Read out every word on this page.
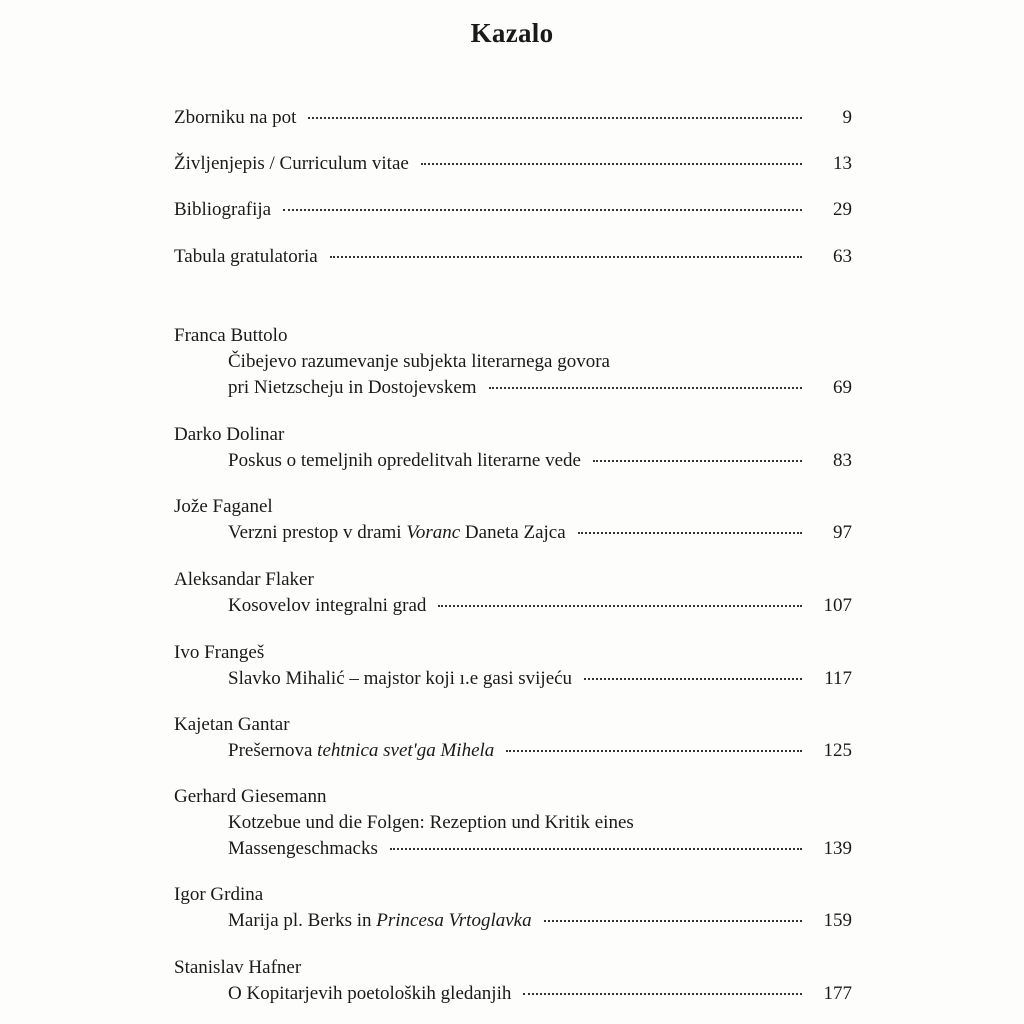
Kazalo
Zborniku na pot	9
Življenjepis / Curriculum vitae	13
Bibliografija	29
Tabula gratulatoria	63
Franca Buttolo
Čibejevo razumevanje subjekta literarnega govora
pri Nietzscheju in Dostojevskem	69
Darko Dolinar
Poskus o temeljnih opredelitvah literarne vede	83
Jože Faganel
Verzni prestop v drami Voranc Daneta Zajca	97
Aleksandar Flaker
Kosovelov integralni grad	107
Ivo Frangeš
Slavko Mihalić – majstor koji ı.e gasi svijeću	117
Kajetan Gantar
Prešernova tehtnica svet'ga Mihela	125
Gerhard Giesemann
Kotzebue und die Folgen: Rezeption und Kritik eines
Massengeschmacks	139
Igor Grdina
Marija pl. Berks in Princesa Vrtoglavka	159
Stanislav Hafner
O Kopitarjevih poetoloških gledanjih	177
